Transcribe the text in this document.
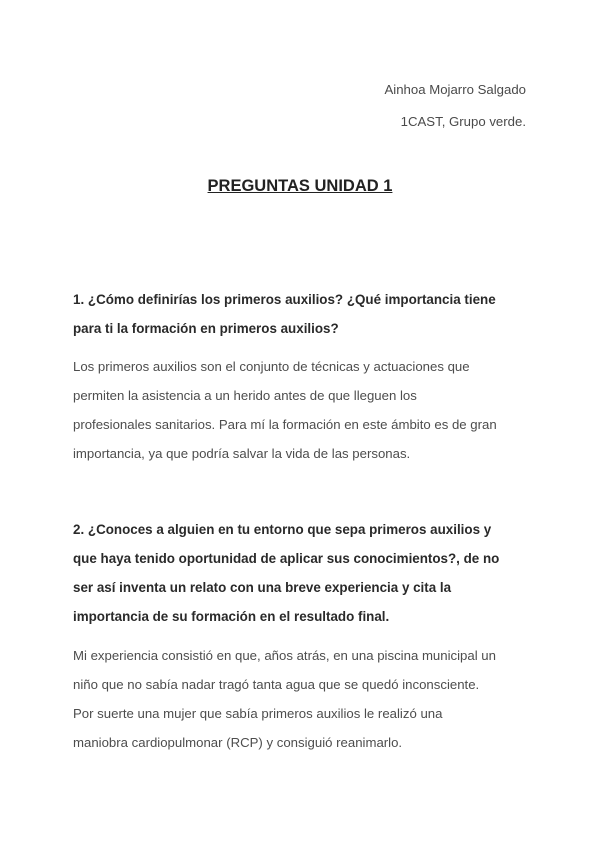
Ainhoa Mojarro Salgado
1CAST, Grupo verde.
PREGUNTAS UNIDAD 1
1. ¿Cómo definirías los primeros auxilios? ¿Qué importancia tiene
para ti la formación en primeros auxilios?
Los primeros auxilios son el conjunto de técnicas y actuaciones que
permiten la asistencia a un herido antes de que lleguen los
profesionales sanitarios. Para mí la formación en este ámbito es de gran
importancia, ya que podría salvar la vida de las personas.
2. ¿Conoces a alguien en tu entorno que sepa primeros auxilios y
que haya tenido oportunidad de aplicar sus conocimientos?, de no
ser así inventa un relato con una breve experiencia y cita la
importancia de su formación en el resultado final.
Mi experiencia consistió en que, años atrás, en una piscina municipal un
niño que no sabía nadar tragó tanta agua que se quedó inconsciente.
Por suerte una mujer que sabía primeros auxilios le realizó una
maniobra cardiopulmonar (RCP) y consiguió reanimarlo.
